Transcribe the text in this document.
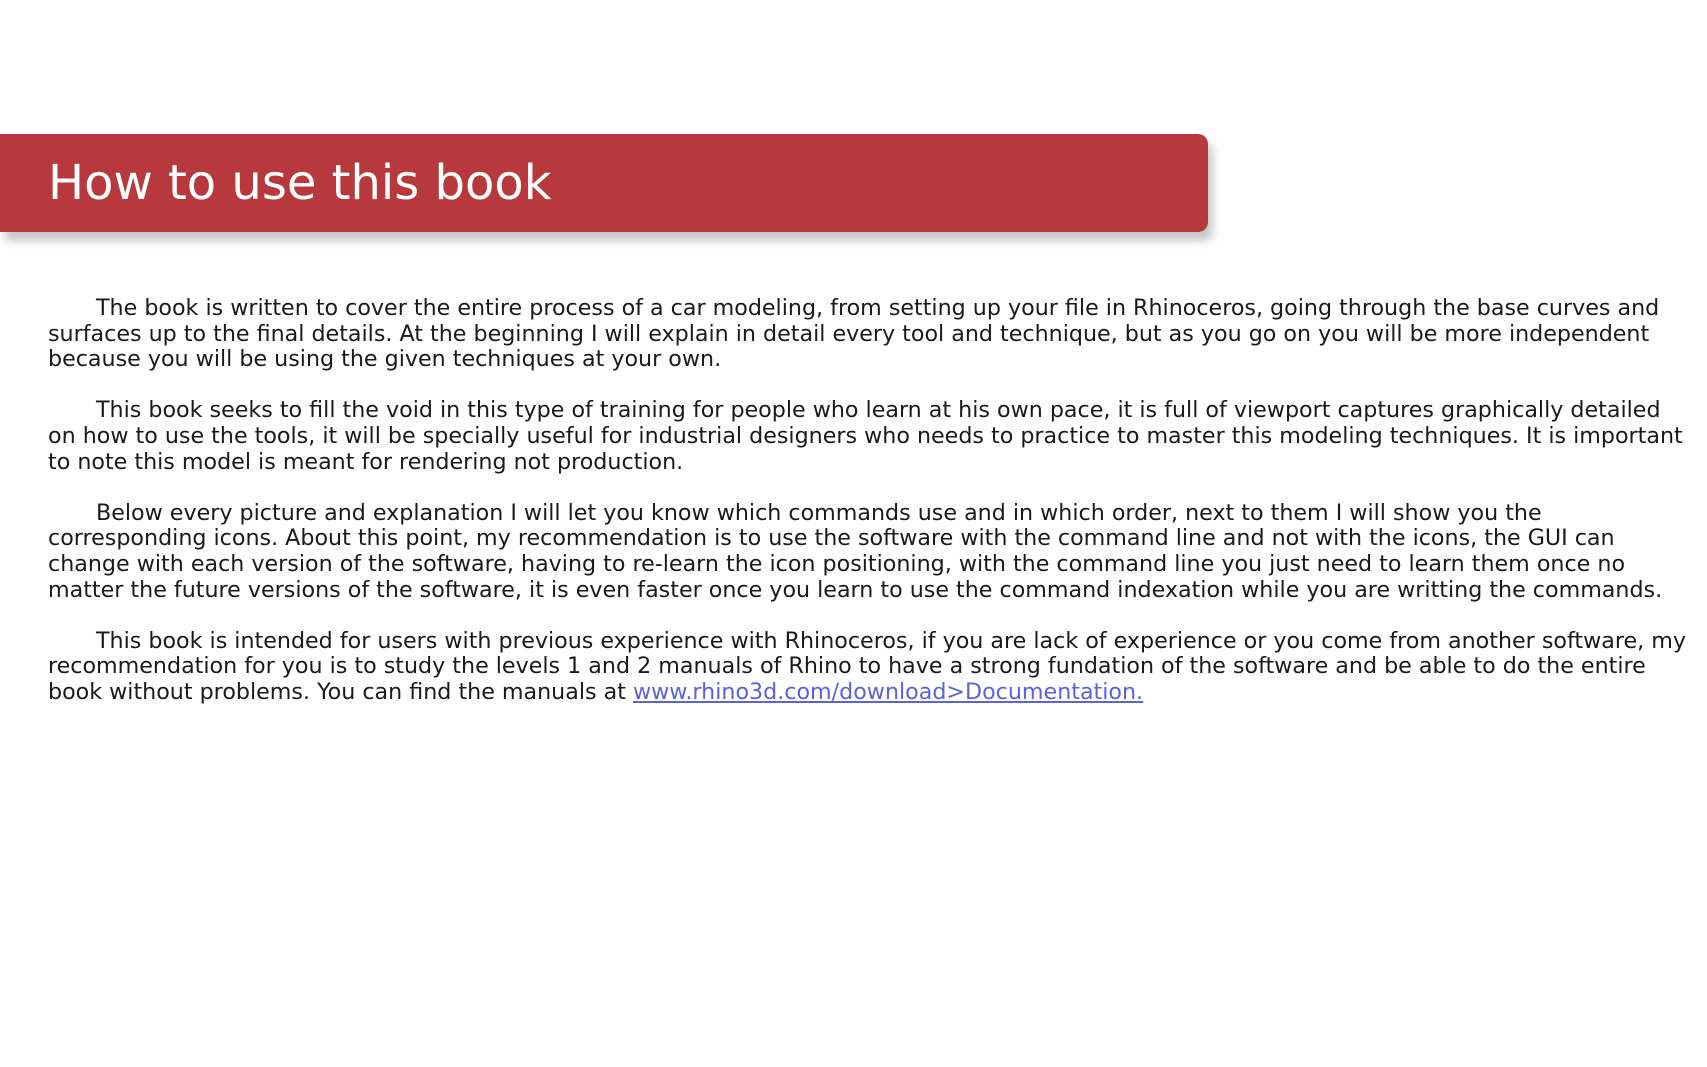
How to use this book

The book is written to cover the entire process of a car modeling, from setting up your file in Rhinoceros, going through the base curves and surfaces up to the final details. At the beginning I will explain in detail every tool and technique, but as you go on you will be more independent because you will be using the given techniques at your own.

This book seeks to fill the void in this type of training for people who learn at his own pace, it is full of viewport captures graphically detailed on how to use the tools, it will be specially useful for industrial designers who needs to practice to master this modeling techniques. It is important to note this model is meant for rendering not production.

Below every picture and explanation I will let you know which commands use and in which order, next to them I will show you the corresponding icons. About this point, my recommendation is to use the software with the command line and not with the icons, the GUI can change with each version of the software, having to re-learn the icon positioning, with the command line you just need to learn them once no matter the future versions of the software, it is even faster once you learn to use the command indexation while you are writting the commands.

This book is intended for users with previous experience with Rhinoceros, if you are lack of experience or you come from another software, my recommendation for you is to study the levels 1 and 2 manuals of Rhino to have a strong fundation of the software and be able to do the entire book without problems. You can find the manuals at www.rhino3d.com/download>Documentation.
